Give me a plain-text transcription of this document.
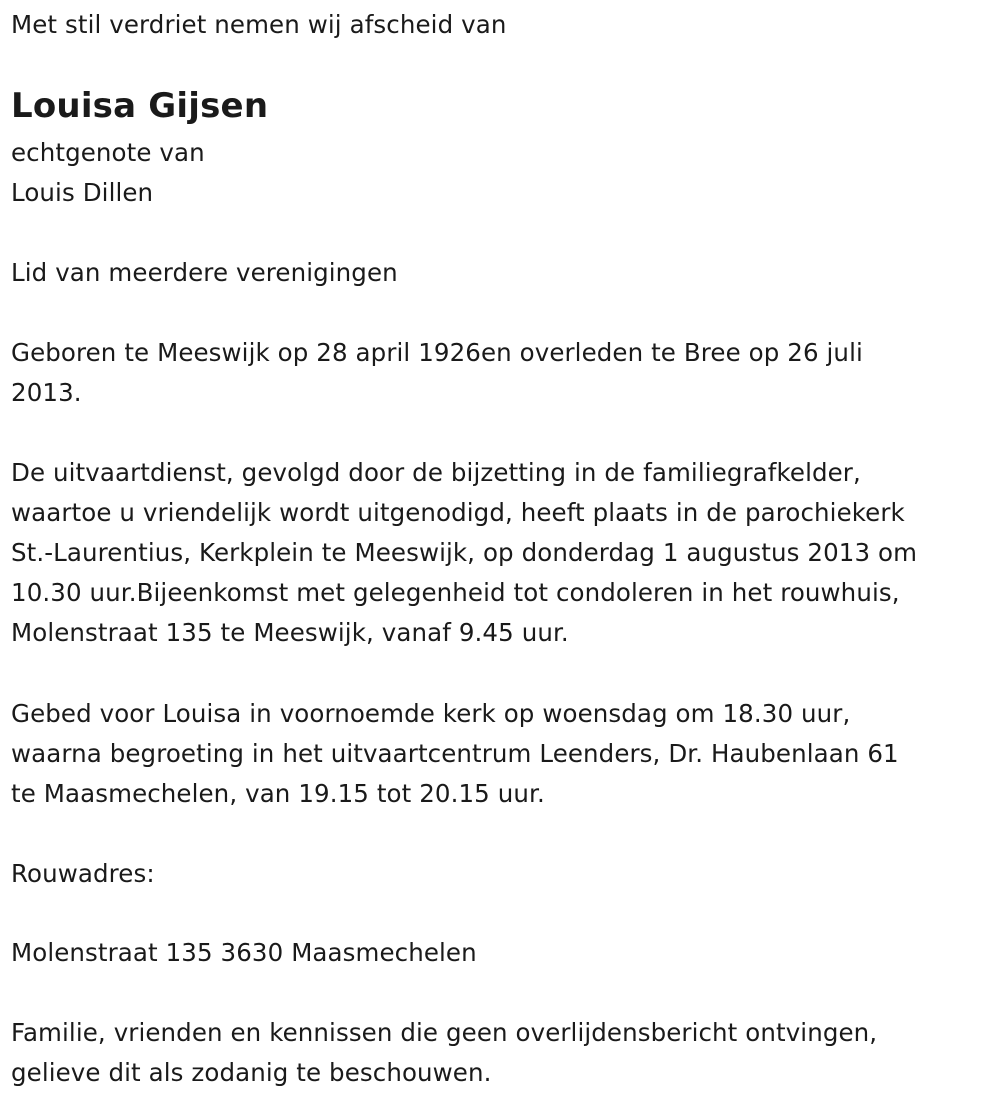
Met stil verdriet nemen wij afscheid van
Louisa Gijsen
echtgenote van
Louis Dillen
Lid van meerdere verenigingen
Geboren te Meeswijk op 28 april 1926en overleden te Bree op 26 juli
2013.
De uitvaartdienst, gevolgd door de bijzetting in de familiegrafkelder,
waartoe u vriendelijk wordt uitgenodigd, heeft plaats in de parochiekerk
St.-Laurentius, Kerkplein te Meeswijk, op donderdag 1 augustus 2013 om
10.30 uur.Bijeenkomst met gelegenheid tot condoleren in het rouwhuis,
Molenstraat 135 te Meeswijk, vanaf 9.45 uur.
Gebed voor Louisa in voornoemde kerk op woensdag om 18.30 uur,
waarna begroeting in het uitvaartcentrum Leenders, Dr. Haubenlaan 61
te Maasmechelen, van 19.15 tot 20.15 uur.
Rouwadres:
Molenstraat 135 3630 Maasmechelen
Familie, vrienden en kennissen die geen overlijdensbericht ontvingen,
gelieve dit als zodanig te beschouwen.
